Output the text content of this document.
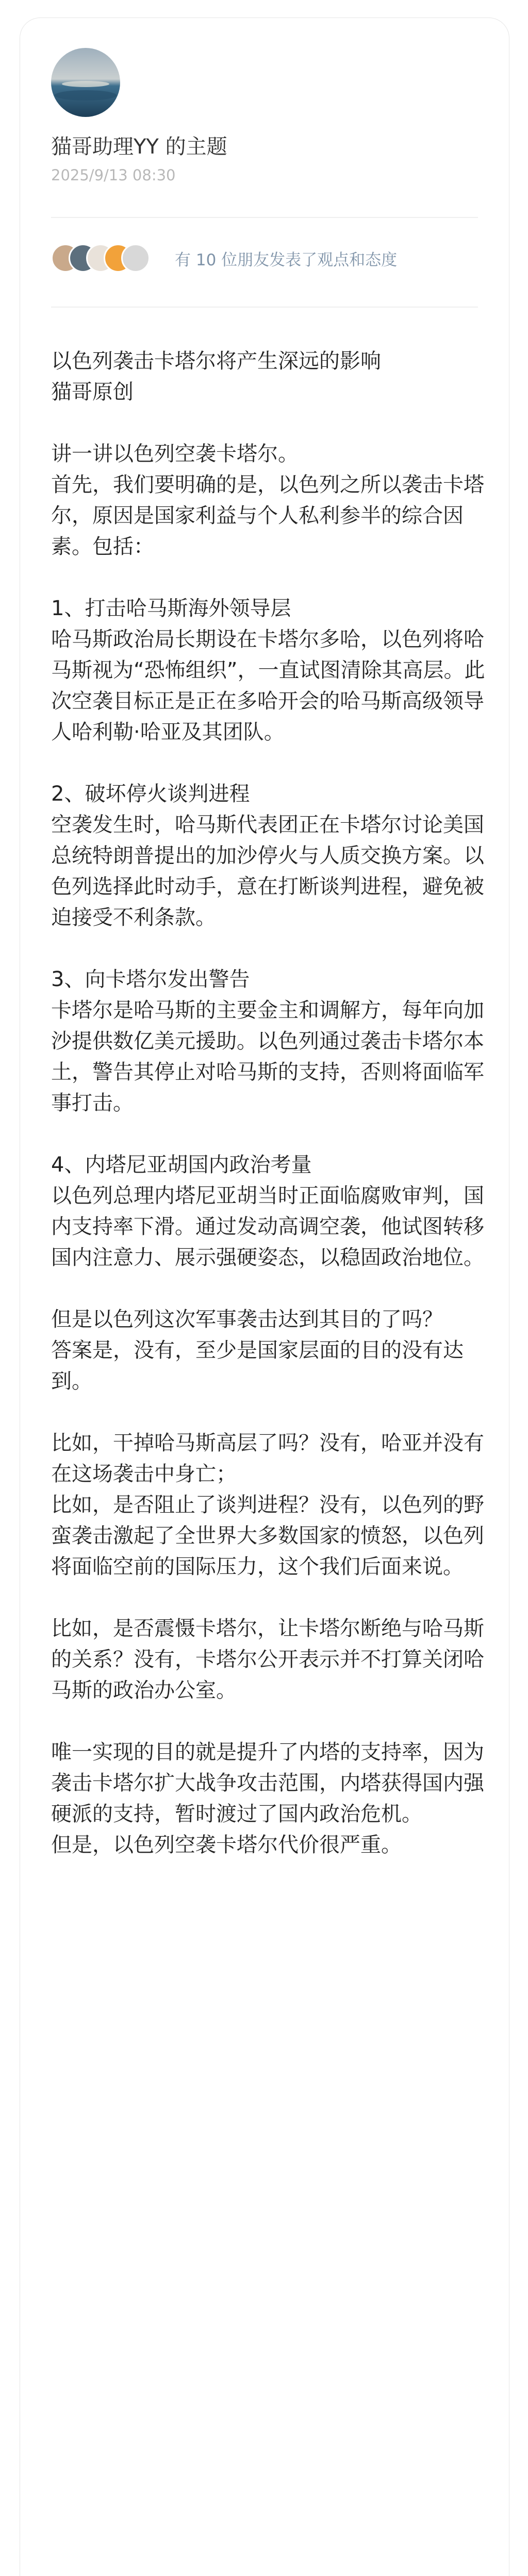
猫哥助理YY 的主题
2025/9/13 08:30
有 10 位朋友发表了观点和态度

以色列袭击卡塔尔将产生深远的影响

猫哥原创

讲一讲以色列空袭卡塔尔。

首先，我们要明确的是，以色列之所以袭击卡塔尔，原因是国家利益与个人私利参半的综合因素。包括：

1、打击哈马斯海外领导层

哈马斯政治局长期设在卡塔尔多哈，以色列将哈马斯视为“恐怖组织”，一直试图清除其高层。此次空袭目标正是正在多哈开会的哈马斯高级领导人哈利勒·哈亚及其团队。

2、破坏停火谈判进程

空袭发生时，哈马斯代表团正在卡塔尔讨论美国总统特朗普提出的加沙停火与人质交换方案。以色列选择此时动手，意在打断谈判进程，避免被迫接受不利条款。

3、向卡塔尔发出警告

卡塔尔是哈马斯的主要金主和调解方，每年向加沙提供数亿美元援助。以色列通过袭击卡塔尔本土，警告其停止对哈马斯的支持，否则将面临军事打击。

4、内塔尼亚胡国内政治考量

以色列总理内塔尼亚胡当时正面临腐败审判，国内支持率下滑。通过发动高调空袭，他试图转移国内注意力、展示强硬姿态，以稳固政治地位。

但是以色列这次军事袭击达到其目的了吗？

答案是，没有，至少是国家层面的目的没有达到。

比如，干掉哈马斯高层了吗？没有，哈亚并没有在这场袭击中身亡；

比如，是否阻止了谈判进程？没有，以色列的野蛮袭击激起了全世界大多数国家的愤怒，以色列将面临空前的国际压力，这个我们后面来说。

比如，是否震慑卡塔尔，让卡塔尔断绝与哈马斯的关系？没有，卡塔尔公开表示并不打算关闭哈马斯的政治办公室。

唯一实现的目的就是提升了内塔的支持率，因为袭击卡塔尔扩大战争攻击范围，内塔获得国内强硬派的支持，暂时渡过了国内政治危机。

但是，以色列空袭卡塔尔代价很严重。
